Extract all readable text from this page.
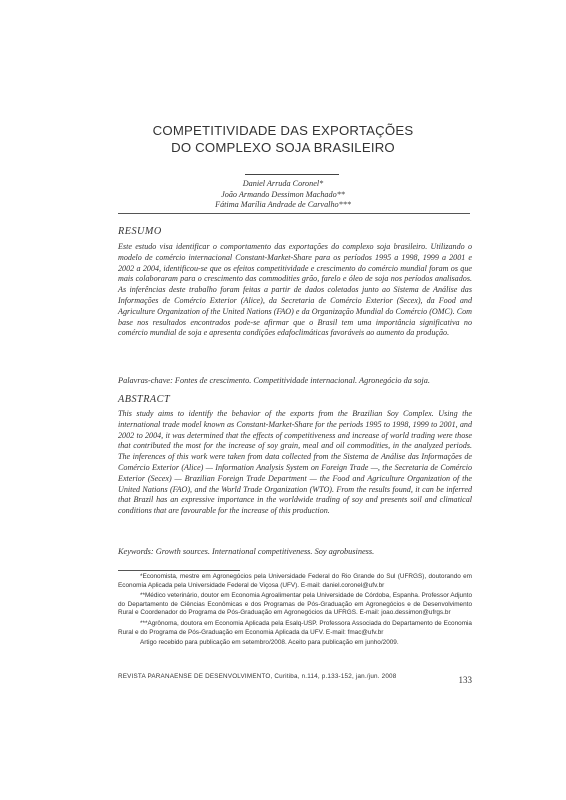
COMPETITIVIDADE DAS EXPORTAÇÕES
DO COMPLEXO SOJA BRASILEIRO
Daniel Arruda Coronel*
João Armando Dessimon Machado**
Fátima Marília Andrade de Carvalho***
RESUMO

Este estudo visa identificar o comportamento das exportações do complexo soja brasileiro. Utilizando o modelo de comércio internacional Constant-Market-Share para os períodos 1995 a 1998, 1999 a 2001 e 2002 a 2004, identificou-se que os efeitos competitividade e crescimento do comércio mundial foram os que mais colaboraram para o crescimento das commodities grão, farelo e óleo de soja nos períodos analisados. As inferências deste trabalho foram feitas a partir de dados coletados junto ao Sistema de Análise das Informações de Comércio Exterior (Alice), da Secretaria de Comércio Exterior (Secex), da Food and Agriculture Organization of the United Nations (FAO) e da Organização Mundial do Comércio (OMC). Com base nos resultados encontrados pode-se afirmar que o Brasil tem uma importância significativa no comércio mundial de soja e apresenta condições edafoclimáticas favoráveis ao aumento da produção.

Palavras-chave: Fontes de crescimento. Competitividade internacional. Agronegócio da soja.

ABSTRACT

This study aims to identify the behavior of the exports from the Brazilian Soy Complex. Using the international trade model known as Constant-Market-Share for the periods 1995 to 1998, 1999 to 2001, and 2002 to 2004, it was determined that the effects of competitiveness and increase of world trading were those that contributed the most for the increase of soy grain, meal and oil commodities, in the analyzed periods. The inferences of this work were taken from data collected from the Sistema de Análise das Informações de Comércio Exterior (Alice) — Information Analysis System on Foreign Trade —, the Secretaria de Comércio Exterior (Secex) — Brazilian Foreign Trade Department — the Food and Agriculture Organization of the United Nations (FAO), and the World Trade Organization (WTO). From the results found, it can be inferred that Brazil has an expressive importance in the worldwide trading of soy and presents soil and climatical conditions that are favourable for the increase of this production.

Keywords: Growth sources. International competitiveness. Soy agrobusiness.

*Economista, mestre em Agronegócios pela Universidade Federal do Rio Grande do Sul (UFRGS), doutorando em Economia Aplicada pela Universidade Federal de Viçosa (UFV). E-mail: daniel.coronel@ufv.br

**Médico veterinário, doutor em Economia Agroalimentar pela Universidade de Córdoba, Espanha. Professor Adjunto do Departamento de Ciências Econômicas e dos Programas de Pós-Graduação em Agronegócios e de Desenvolvimento Rural e Coordenador do Programa de Pós-Graduação em Agronegócios da UFRGS. E-mail: joao.dessimon@ufrgs.br

***Agrônoma, doutora em Economia Aplicada pela Esalq-USP. Professora Associada do Departamento de Economia Rural e do Programa de Pós-Graduação em Economia Aplicada da UFV. E-mail: fmac@ufv.br

Artigo recebido para publicação em setembro/2008. Aceito para publicação em junho/2009.

REVISTA PARANAENSE DE DESENVOLVIMENTO, Curitiba, n.114, p.133-152, jan./jun. 2008	133
